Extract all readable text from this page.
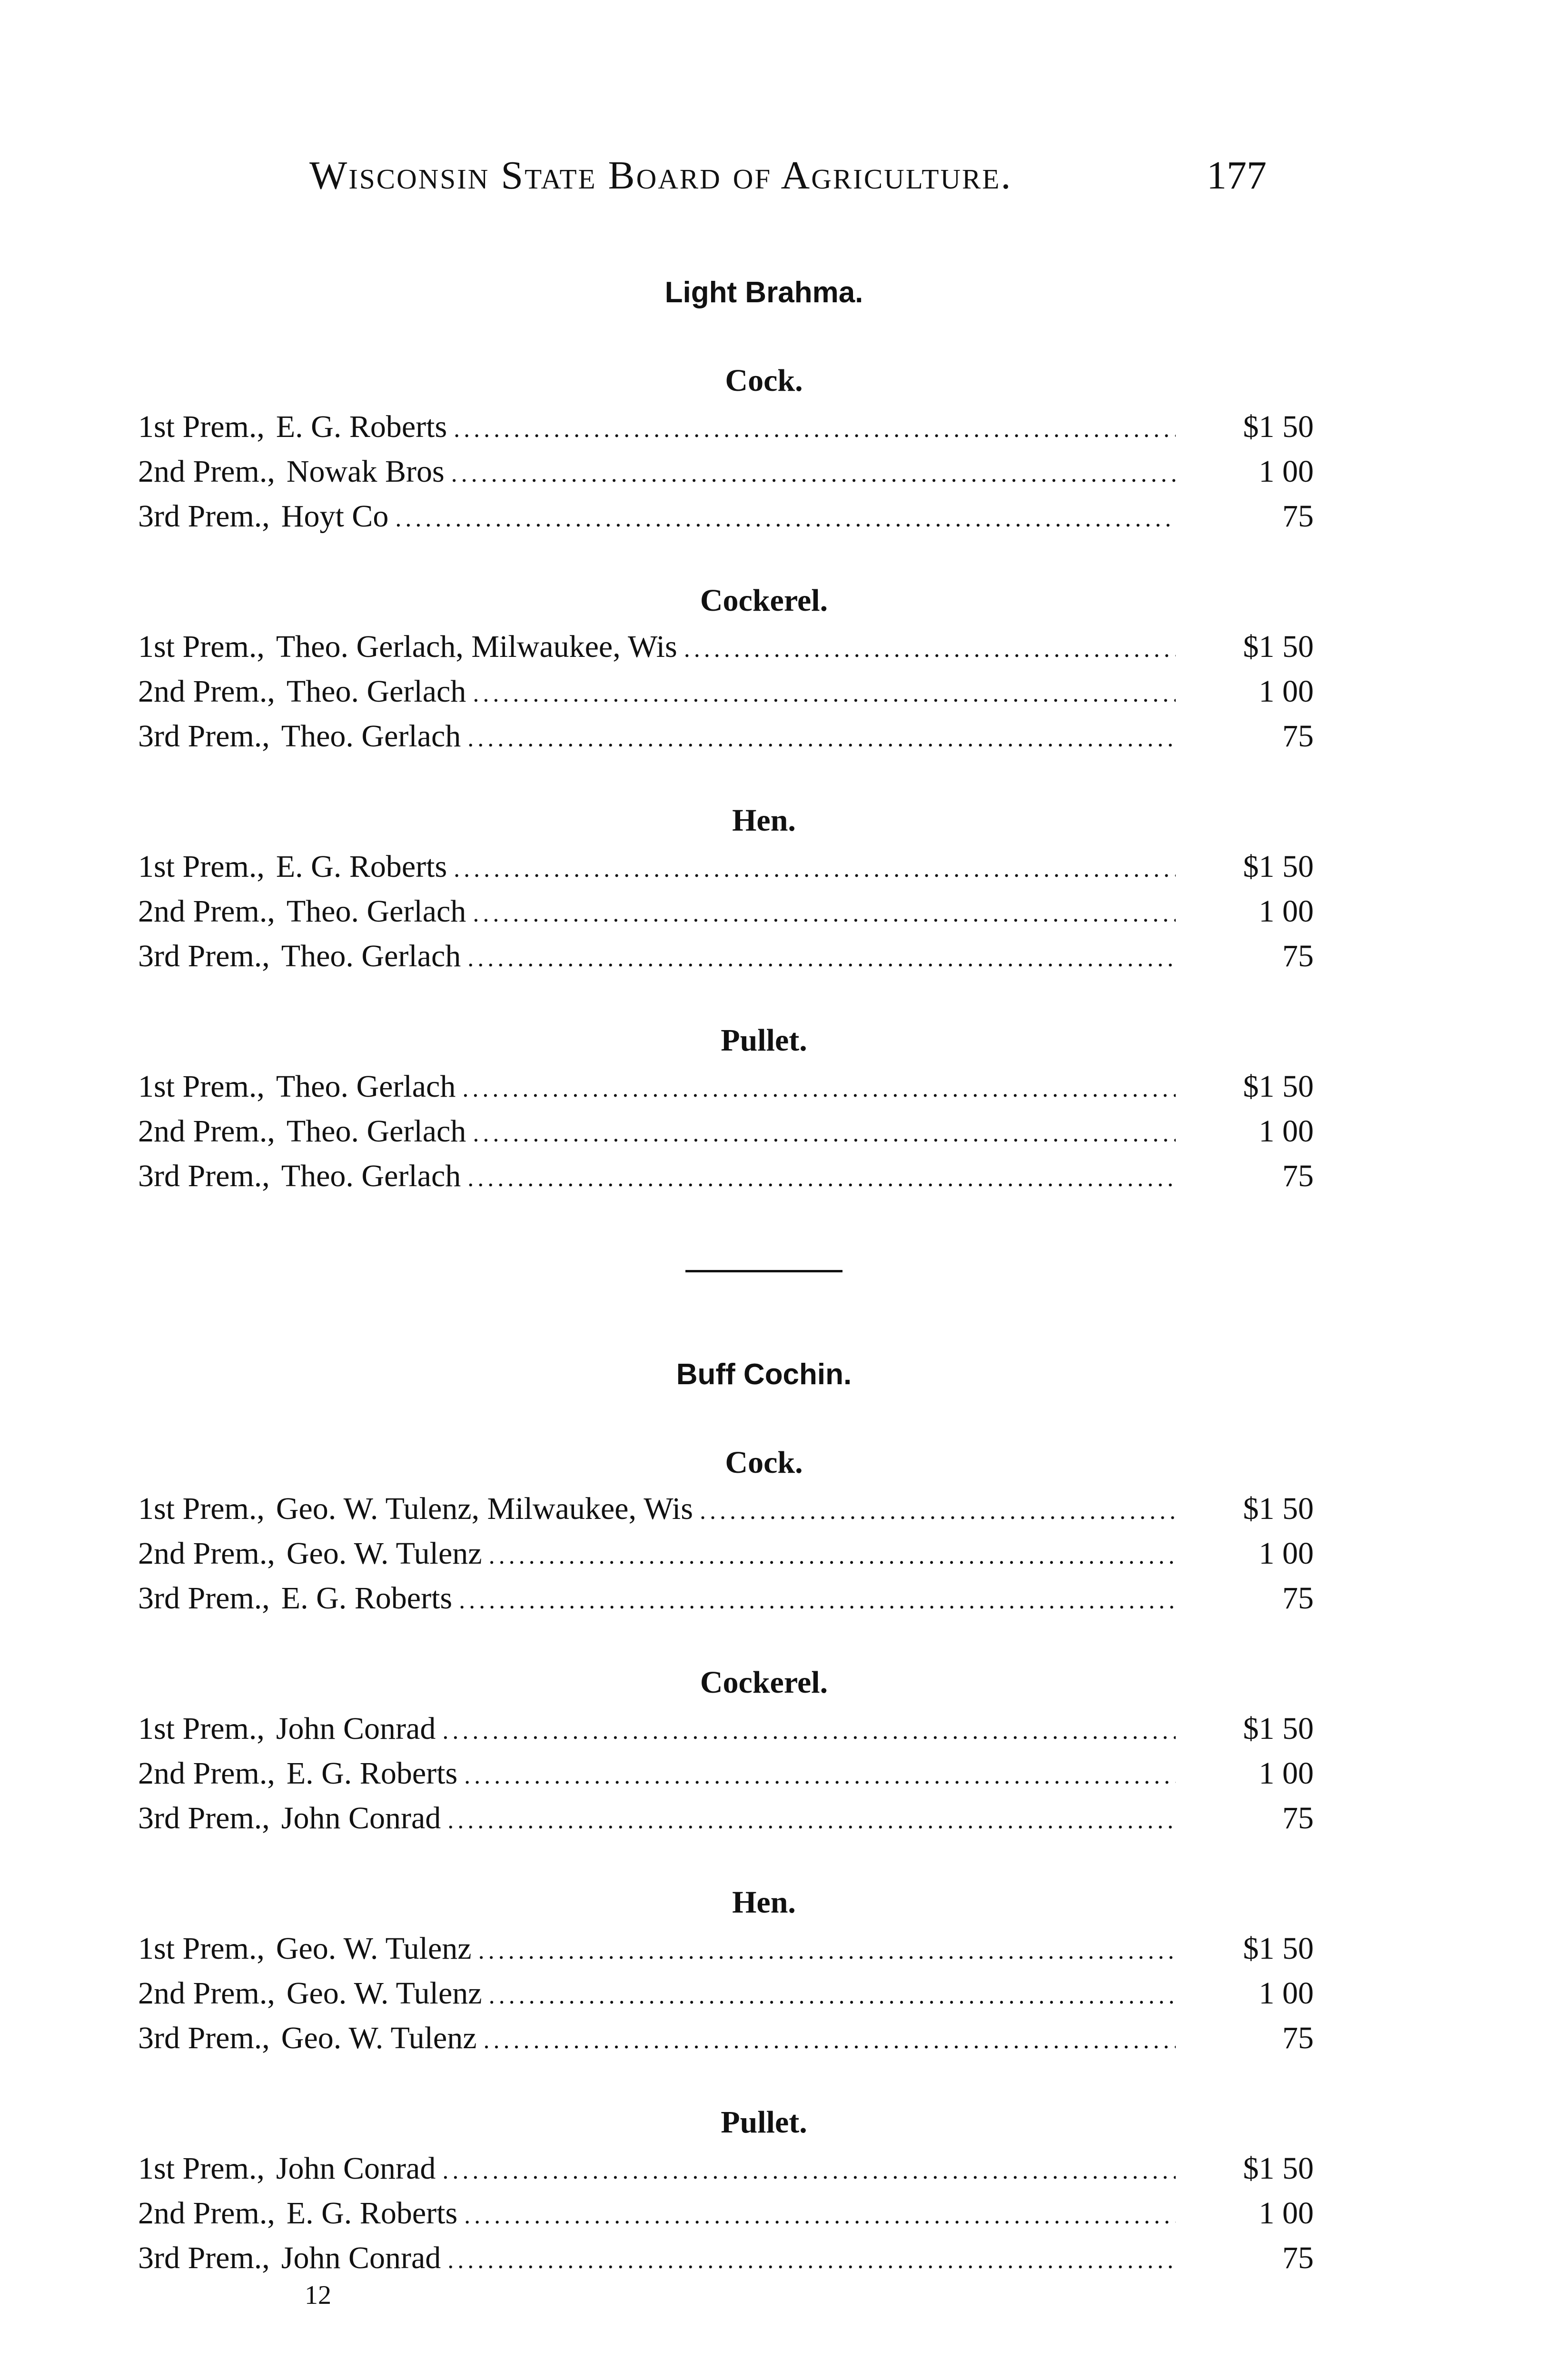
Wisconsin State Board of Agriculture.	177
Light Brahma.
Cock.
1st Prem., E. G. Roberts .....	$1 50
2nd Prem., Nowak Bros .....	1 00
3rd Prem., Hoyt Co .....	75
Cockerel.
1st Prem., Theo. Gerlach, Milwaukee, Wis .....	$1 50
2nd Prem., Theo. Gerlach .....	1 00
3rd Prem., Theo. Gerlach .....	75
Hen.
1st Prem., E. G. Roberts .....	$1 50
2nd Prem., Theo. Gerlach .....	1 00
3rd Prem., Theo. Gerlach .....	75
Pullet.
1st Prem., Theo. Gerlach .....	$1 50
2nd Prem., Theo. Gerlach .....	1 00
3rd Prem., Theo. Gerlach .....	75
Buff Cochin.
Cock.
1st Prem., Geo. W. Tulenz, Milwaukee, Wis .....	$1 50
2nd Prem., Geo. W. Tulenz .....	1 00
3rd Prem., E. G. Roberts .....	75
Cockerel.
1st Prem., John Conrad .....	$1 50
2nd Prem., E. G. Roberts .....	1 00
3rd Prem., John Conrad .....	75
Hen.
1st Prem., Geo. W. Tulenz .....	$1 50
2nd Prem., Geo. W. Tulenz .....	1 00
3rd Prem., Geo. W. Tulenz .....	75
Pullet.
1st Prem., John Conrad .....	$1 50
2nd Prem., E. G. Roberts .....	1 00
3rd Prem., John Conrad .....	75
12
